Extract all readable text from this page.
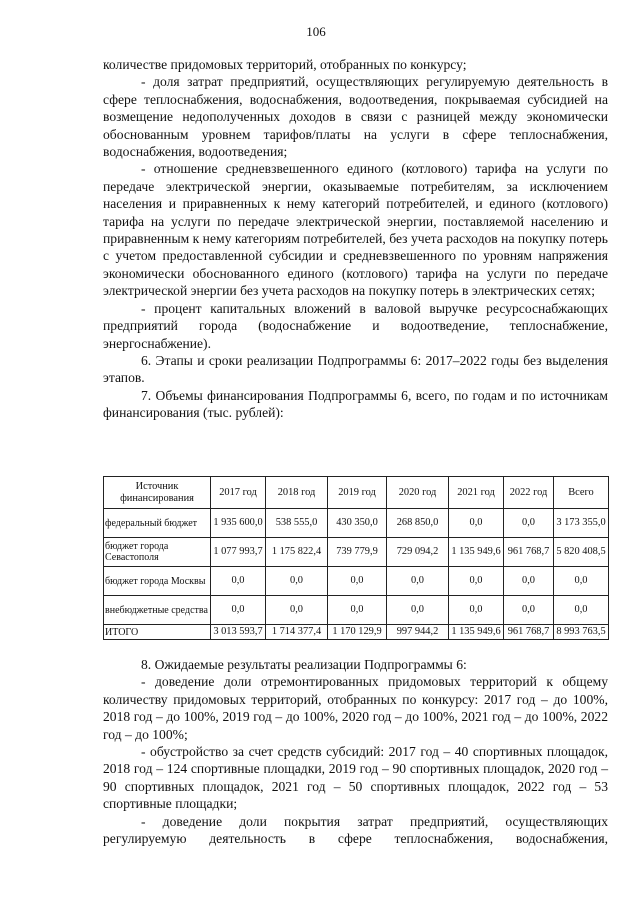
106

количестве придомовых территорий, отобранных по конкурсу;

- доля затрат предприятий, осуществляющих регулируемую деятельность в сфере теплоснабжения, водоснабжения, водоотведения, покрываемая субсидией на возмещение недополученных доходов в связи с разницей между экономически обоснованным уровнем тарифов/платы на услуги в сфере теплоснабжения, водоснабжения, водоотведения;

- отношение средневзвешенного единого (котлового) тарифа на услуги по передаче электрической энергии, оказываемые потребителям, за исключением населения и приравненных к нему категорий потребителей, и единого (котлового) тарифа на услуги по передаче электрической энергии, поставляемой населению и приравненным к нему категориям потребителей, без учета расходов на покупку потерь с учетом предоставленной субсидии и средневзвешенного по уровням напряжения экономически обоснованного единого (котлового) тарифа на услуги по передаче электрической энергии без учета расходов на покупку потерь в электрических сетях;

- процент капитальных вложений в валовой выручке ресурсоснабжающих предприятий города (водоснабжение и водоотведение, теплоснабжение, энергоснабжение).

6. Этапы и сроки реализации Подпрограммы 6: 2017–2022 годы без выделения этапов.

7. Объемы финансирования Подпрограммы 6, всего, по годам и по источникам финансирования (тыс. рублей):

Источник финансирования	2017 год	2018 год	2019 год	2020 год	2021 год	2022 год	Всего
федеральный бюджет	1 935 600,0	538 555,0	430 350,0	268 850,0	0,0	0,0	3 173 355,0
бюджет города Севастополя	1 077 993,7	1 175 822,4	739 779,9	729 094,2	1 135 949,6	961 768,7	5 820 408,5
бюджет города Москвы	0,0	0,0	0,0	0,0	0,0	0,0	0,0
внебюджетные средства	0,0	0,0	0,0	0,0	0,0	0,0	0,0
ИТОГО	3 013 593,7	1 714 377,4	1 170 129,9	997 944,2	1 135 949,6	961 768,7	8 993 763,5

8. Ожидаемые результаты реализации Подпрограммы 6:

- доведение доли отремонтированных придомовых территорий к общему количеству придомовых территорий, отобранных по конкурсу: 2017 год – до 100%, 2018 год – до 100%, 2019 год – до 100%, 2020 год – до 100%, 2021 год – до 100%, 2022 год – до 100%;

- обустройство за счет средств субсидий: 2017 год – 40 спортивных площадок, 2018 год – 124 спортивные площадки, 2019 год – 90 спортивных площадок, 2020 год – 90 спортивных площадок, 2021 год – 50 спортивных площадок, 2022 год – 53 спортивные площадки;

- доведение доли покрытия затрат предприятий, осуществляющих регулируемую деятельность в сфере теплоснабжения, водоснабжения,
